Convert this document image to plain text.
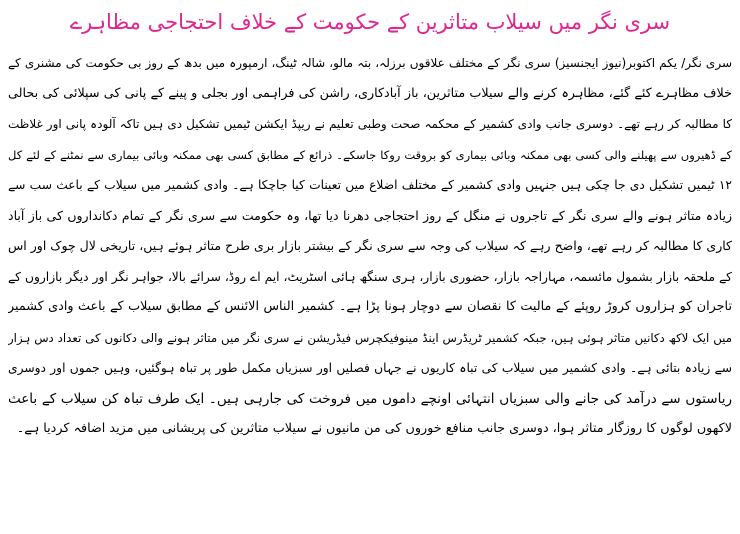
سری نگر میں سیلاب متاثرین کے حکومت کے خلاف احتجاجی مظاہرے
سری نگر/ یکم اکتوبر(نیوز ایجنسیز) سری نگر کے مختلف علاقوں برزلہ، بتہ مالو، شالہ ٹینگ، ارمپورہ میں بدھ کے روز بی حکومت کی مشنری کے
خلاف مظاہرے کئے گئے، مظاہرہ کرنے والے سیلاب متاثرین، باز آبادکاری، راشن کی فراہمی اور بجلی و پینے کے پانی کی سپلائی کی بحالی
کا مطالبہ کر رہے تھے۔ دوسری جانب وادی کشمیر کے محکمہ صحت وطبی تعلیم نے ریپڈ ایکشن ٹیمیں تشکیل دی ہیں تاکہ آلودہ پانی اور غلاظت
کے ڈھیروں سے پھیلنے والی کسی بھی ممکنہ وبائی بیماری کو بروقت روکا جاسکے۔ ذرائع کے مطابق کسی بھی ممکنہ وبائی بیماری سے نمٹنے کے لئے کل
۱۲ ٹیمیں تشکیل دی جا چکی ہیں جنہیں وادی کشمیر کے مختلف اضلاع میں تعینات کیا جاچکا ہے۔ وادی کشمیر میں سیلاب کے باعث سب سے
زیادہ متاثر ہونے والے سری نگر کے تاجروں نے منگل کے روز احتجاجی دھرنا دیا تھا، وہ حکومت سے سری نگر کے تمام دکانداروں کی باز آباد
کاری کا مطالبہ کر رہے تھے، واضح رہے کہ سیلاب کی وجہ سے سری نگر کے بیشتر بازار بری طرح متاثر ہوئے ہیں، تاریخی لال چوک اور اس
کے ملحقہ بازار بشمول مائسمہ، مہاراجہ بازار، حضوری بازار، ہری سنگھ ہائی اسٹریٹ، ایم اے روڈ، سرائے بالا، جواہر نگر اور دیگر بازاروں کے
تاجران کو ہزاروں کروڑ روپئے کے مالیت کا نقصان سے دوچار ہونا پڑا ہے۔ کشمیر الناس الائنس کے مطابق سیلاب کے باعث وادی کشمیر
میں ایک لاکھ دکانیں متاثر ہوئی ہیں، جبکہ کشمیر ٹریڈرس اینڈ مینوفیکچرس فیڈریشن نے سری نگر میں متاثر ہونے والی دکانوں کی تعداد دس ہزار
سے زیادہ بتائی ہے۔ وادی کشمیر میں سیلاب کی تباہ کاریوں نے جہاں فصلیں اور سبزیاں مکمل طور پر تباہ ہوگئیں، وہیں جموں اور دوسری
ریاستوں سے درآمد کی جانے والی سبزیاں انتہائی اونچے داموں میں فروخت کی جارہی ہیں۔ ایک طرف تباہ کن سیلاب کے باعث
لاکھوں لوگوں کا روزگار متاثر ہوا، دوسری جانب منافع خوروں کی من مانیوں نے سیلاب متاثرین کی پریشانی میں مزید اضافہ کردیا ہے۔
